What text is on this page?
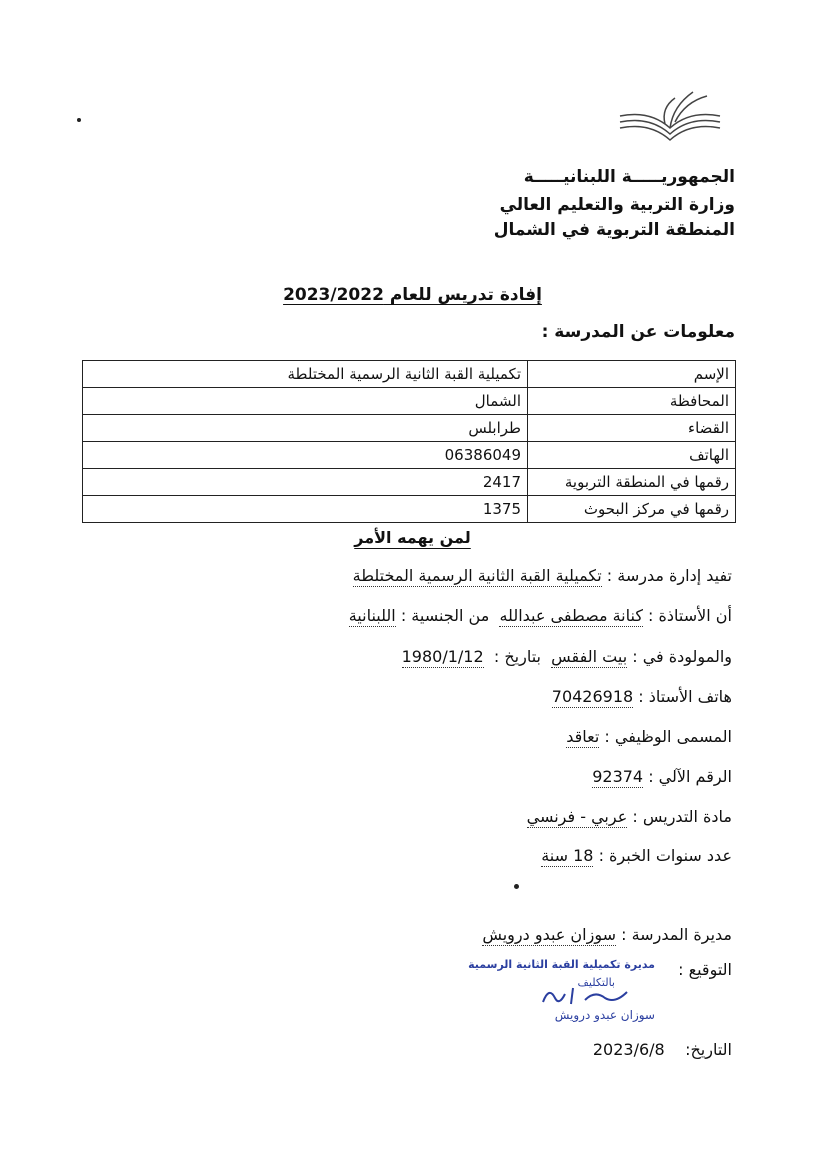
الجمهوريـــــة اللبنانيـــــة
وزارة التربية والتعليم العالي
المنطقة التربوية في الشمال
إفادة تدريس للعام 2023/2022
معلومات عن المدرسة :
الإسم	تكميلية القبة الثانية الرسمية المختلطة
المحافظة	الشمال
القضاء	طرابلس
الهاتف	06386049
رقمها في المنطقة التربوية	2417
رقمها في مركز البحوث	1375
لمن يهمه الأمر
تفيد إدارة مدرسة : تكميلية القبة الثانية الرسمية المختلطة
أن الأستاذة : كنانة مصطفى عبدالله  من الجنسية : اللبنانية
والمولودة في : بيت الفقس  بتاريخ :  1980/1/12
هاتف الأستاذ : 70426918
المسمى الوظيفي : تعاقد
الرقم الآلي : 92374
مادة التدريس : عربي - فرنسي
عدد سنوات الخبرة : 18 سنة
مديرة المدرسة : سوزان عبدو درويش
التوقيع :
مديرة تكميلية القبة الثانية الرسمية
بالتكليف
سوزان عبدو درويش
التاريخ:    2023/6/8
